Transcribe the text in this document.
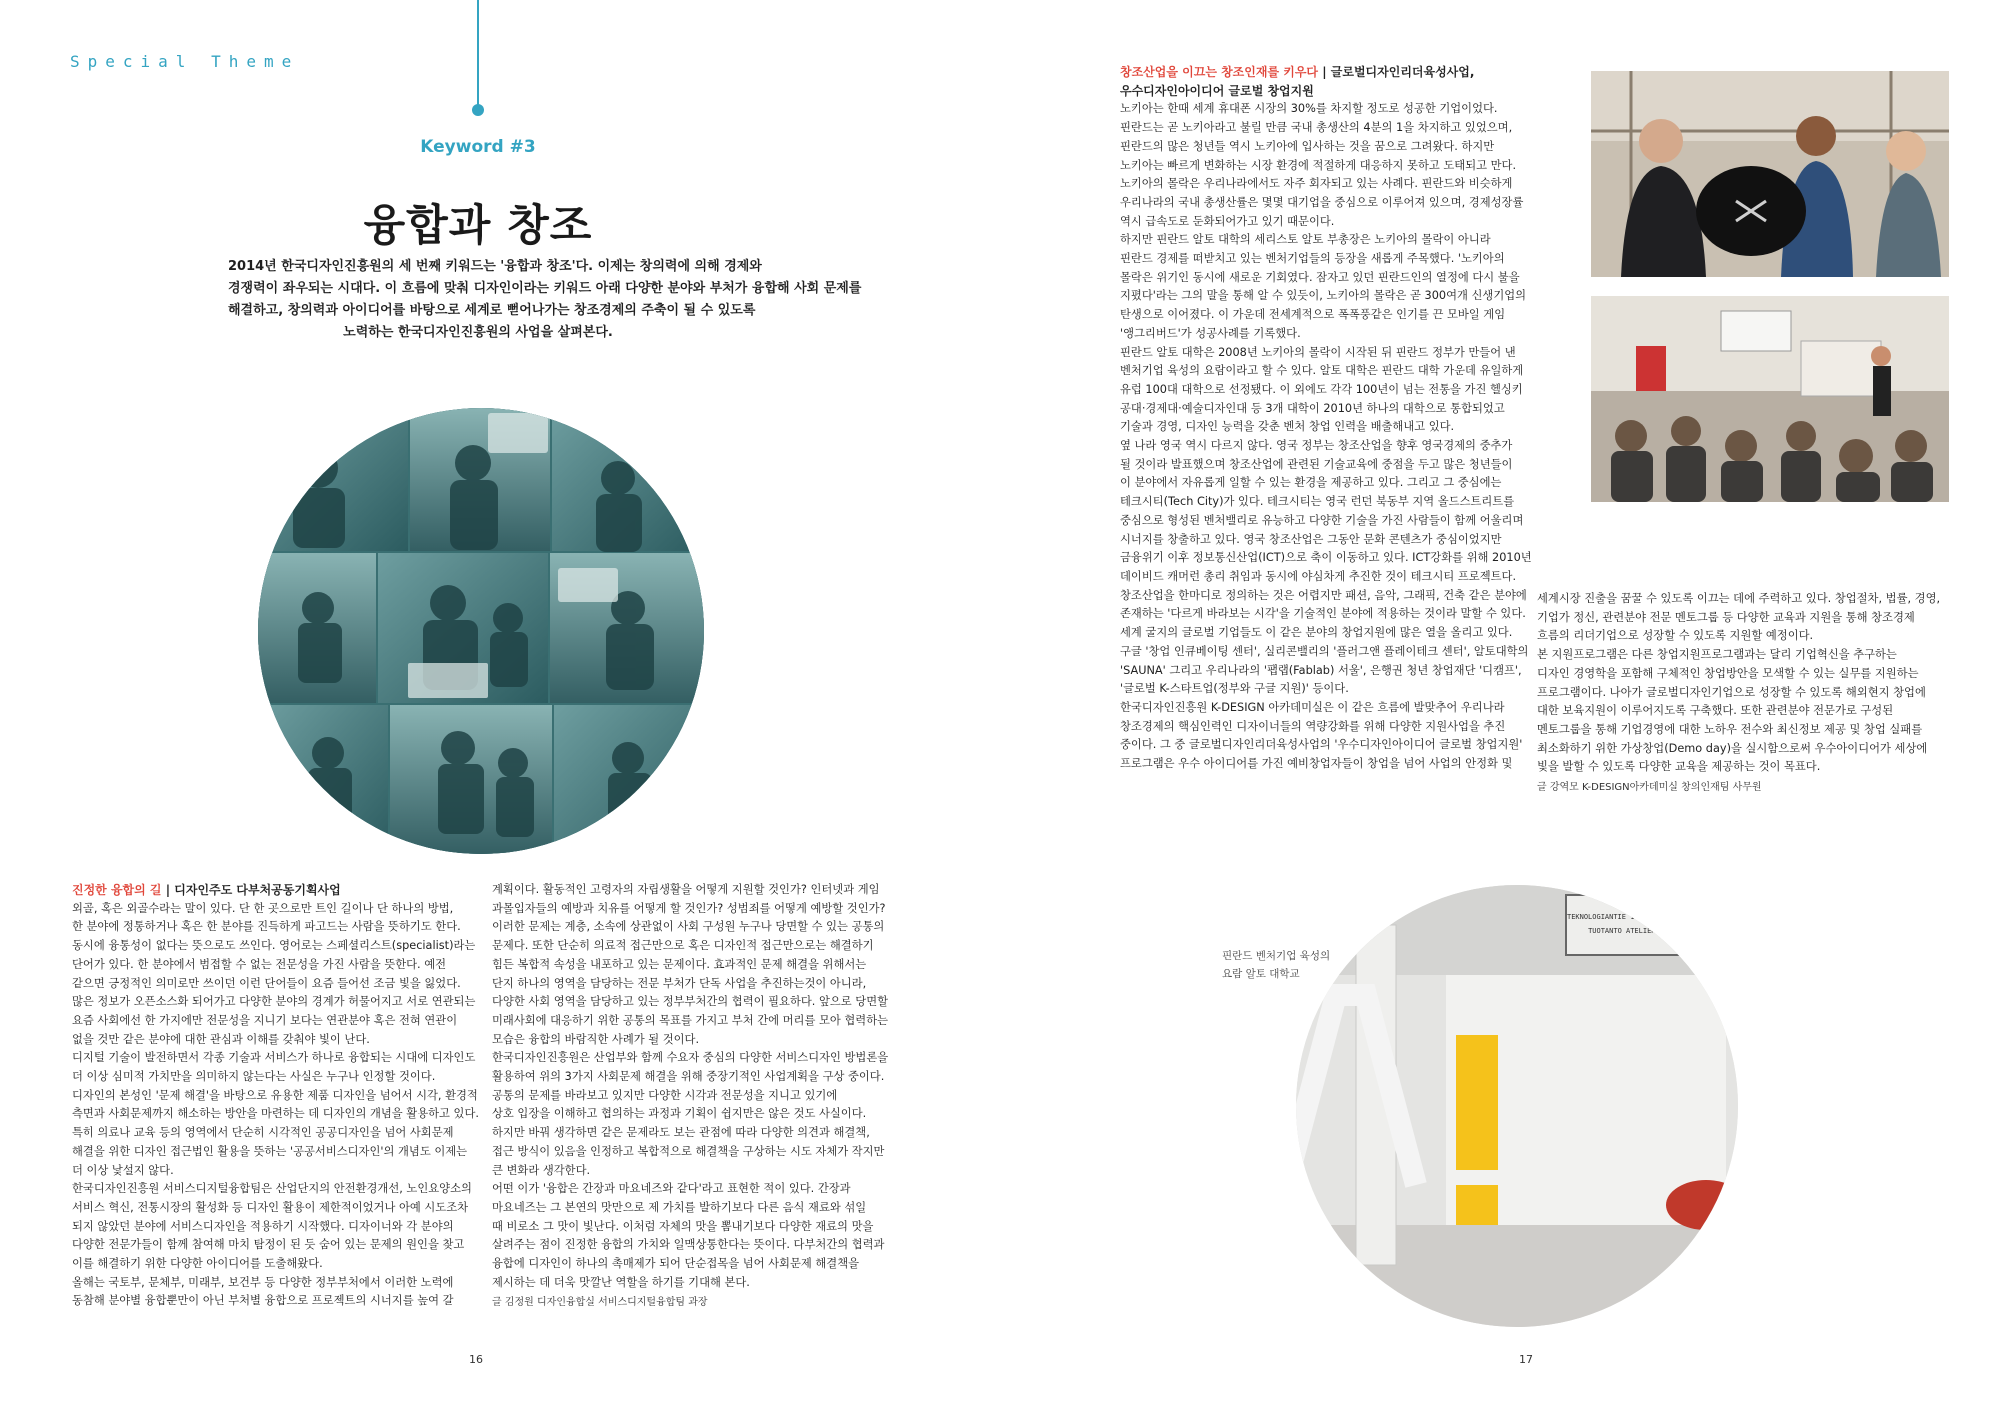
Special Theme
Keyword #3
융합과 창조
2014년 한국디자인진흥원의 세 번째 키워드는 '융합과 창조'다. 이제는 창의력에 의해 경제와
경쟁력이 좌우되는 시대다. 이 흐름에 맞춰 디자인이라는 키워드 아래 다양한 분야와 부처가 융합해 사회 문제를
해결하고, 창의력과 아이디어를 바탕으로 세계로 뻗어나가는 창조경제의 주축이 될 수 있도록
노력하는 한국디자인진흥원의 사업을 살펴본다.
진정한 융합의 길 | 디자인주도 다부처공동기획사업
외골, 혹은 외골수라는 말이 있다. 단 한 곳으로만 트인 길이나 단 하나의 방법,
한 분야에 정통하거나 혹은 한 분야를 진득하게 파고드는 사람을 뜻하기도 한다.
동시에 융통성이 없다는 뜻으로도 쓰인다. 영어로는 스페셜리스트(specialist)라는
단어가 있다. 한 분야에서 범접할 수 없는 전문성을 가진 사람을 뜻한다. 예전
같으면 긍정적인 의미로만 쓰이던 이런 단어들이 요즘 들어선 조금 빛을 잃었다.
많은 정보가 오픈소스화 되어가고 다양한 분야의 경계가 허물어지고 서로 연관되는
요즘 사회에선 한 가지에만 전문성을 지니기 보다는 연관분야 혹은 전혀 연관이
없을 것만 같은 분야에 대한 관심과 이해를 갖춰야 빛이 난다.
디지털 기술이 발전하면서 각종 기술과 서비스가 하나로 융합되는 시대에 디자인도
더 이상 심미적 가치만을 의미하지 않는다는 사실은 누구나 인정할 것이다.
디자인의 본성인 '문제 해결'을 바탕으로 유용한 제품 디자인을 넘어서 시각, 환경적
측면과 사회문제까지 해소하는 방안을 마련하는 데 디자인의 개념을 활용하고 있다.
특히 의료나 교육 등의 영역에서 단순히 시각적인 공공디자인을 넘어 사회문제
해결을 위한 디자인 접근법인 활용을 뜻하는 '공공서비스디자인'의 개념도 이제는
더 이상 낯설지 않다.
한국디자인진흥원 서비스디지털융합팀은 산업단지의 안전환경개선, 노인요양소의
서비스 혁신, 전통시장의 활성화 등 디자인 활용이 제한적이었거나 아예 시도조차
되지 않았던 분야에 서비스디자인을 적용하기 시작했다. 디자이너와 각 분야의
다양한 전문가들이 함께 참여해 마치 탐정이 된 듯 숨어 있는 문제의 원인을 찾고
이를 해결하기 위한 다양한 아이디어를 도출해왔다.
올해는 국토부, 문체부, 미래부, 보건부 등 다양한 정부부처에서 이러한 노력에
동참해 분야별 융합뿐만이 아닌 부처별 융합으로 프로젝트의 시너지를 높여 갈
계획이다. 활동적인 고령자의 자립생활을 어떻게 지원할 것인가? 인터넷과 게임
과몰입자들의 예방과 치유를 어떻게 할 것인가? 성범죄를 어떻게 예방할 것인가?
이러한 문제는 계층, 소속에 상관없이 사회 구성원 누구나 당면할 수 있는 공통의
문제다. 또한 단순히 의료적 접근만으로 혹은 디자인적 접근만으로는 해결하기
힘든 복합적 속성을 내포하고 있는 문제이다. 효과적인 문제 해결을 위해서는
단지 하나의 영역을 담당하는 전문 부처가 단독 사업을 추진하는것이 아니라,
다양한 사회 영역을 담당하고 있는 정부부처간의 협력이 필요하다. 앞으로 당면할
미래사회에 대응하기 위한 공통의 목표를 가지고 부처 간에 머리를 모아 협력하는
모습은 융합의 바람직한 사례가 될 것이다.
한국디자인진흥원은 산업부와 함께 수요자 중심의 다양한 서비스디자인 방법론을
활용하여 위의 3가지 사회문제 해결을 위해 중장기적인 사업계획을 구상 중이다.
공통의 문제를 바라보고 있지만 다양한 시각과 전문성을 지니고 있기에
상호 입장을 이해하고 협의하는 과정과 기획이 쉽지만은 않은 것도 사실이다.
하지만 바꿔 생각하면 같은 문제라도 보는 관점에 따라 다양한 의견과 해결책,
접근 방식이 있음을 인정하고 복합적으로 해결책을 구상하는 시도 자체가 작지만
큰 변화라 생각한다.
어떤 이가 '융합은 간장과 마요네즈와 같다'라고 표현한 적이 있다. 간장과
마요네즈는 그 본연의 맛만으로 제 가치를 발하기보다 다른 음식 재료와 섞일
때 비로소 그 맛이 빛난다. 이처럼 자체의 맛을 뽐내기보다 다양한 재료의 맛을
살려주는 점이 진정한 융합의 가치와 일맥상통한다는 뜻이다. 다부처간의 협력과
융합에 디자인이 하나의 촉매제가 되어 단순접목을 넘어 사회문제 해결책을
제시하는 데 더욱 맛깔난 역할을 하기를 기대해 본다.
글 김정원 디자인융합실 서비스디지털융합팀 과장
창조산업을 이끄는 창조인재를 키우다 | 글로벌디자인리더육성사업,
우수디자인아이디어 글로벌 창업지원
노키아는 한때 세계 휴대폰 시장의 30%를 차지할 정도로 성공한 기업이었다.
핀란드는 곧 노키아라고 불릴 만큼 국내 총생산의 4분의 1을 차지하고 있었으며,
핀란드의 많은 청년들 역시 노키아에 입사하는 것을 꿈으로 그려왔다. 하지만
노키아는 빠르게 변화하는 시장 환경에 적절하게 대응하지 못하고 도태되고 만다.
노키아의 몰락은 우리나라에서도 자주 회자되고 있는 사례다. 핀란드와 비슷하게
우리나라의 국내 총생산률은 몇몇 대기업을 중심으로 이루어져 있으며, 경제성장률
역시 급속도로 둔화되어가고 있기 때문이다.
하지만 핀란드 알토 대학의 세리스토 알토 부총장은 노키아의 몰락이 아니라
핀란드 경제를 떠받치고 있는 벤처기업들의 등장을 새롭게 주목했다. '노키아의
몰락은 위기인 동시에 새로운 기회였다. 잠자고 있던 핀란드인의 열정에 다시 불을
지폈다'라는 그의 말을 통해 알 수 있듯이, 노키아의 몰락은 곧 300여개 신생기업의
탄생으로 이어졌다. 이 가운데 전세계적으로 폭폭풍같은 인기를 끈 모바일 게임
'앵그리버드'가 성공사례를 기록했다.
핀란드 알토 대학은 2008년 노키아의 몰락이 시작된 뒤 핀란드 정부가 만들어 낸
벤처기업 육성의 요람이라고 할 수 있다. 알토 대학은 핀란드 대학 가운데 유일하게
유럽 100대 대학으로 선정됐다. 이 외에도 각각 100년이 넘는 전통을 가진 헬싱키
공대·경제대·예술디자인대 등 3개 대학이 2010년 하나의 대학으로 통합되었고
기술과 경영, 디자인 능력을 갖춘 벤처 창업 인력을 배출해내고 있다.
옆 나라 영국 역시 다르지 않다. 영국 정부는 창조산업을 향후 영국경제의 중추가
될 것이라 발표했으며 창조산업에 관련된 기술교육에 중점을 두고 많은 청년들이
이 분야에서 자유롭게 일할 수 있는 환경을 제공하고 있다. 그리고 그 중심에는
테크시티(Tech City)가 있다. 테크시티는 영국 런던 북동부 지역 올드스트리트를
중심으로 형성된 벤처밸리로 유능하고 다양한 기술을 가진 사람들이 함께 어울리며
시너지를 창출하고 있다. 영국 창조산업은 그동안 문화 콘텐츠가 중심이었지만
금융위기 이후 정보통신산업(ICT)으로 축이 이동하고 있다. ICT강화를 위해 2010년
데이비드 캐머런 총리 취임과 동시에 야심차게 추진한 것이 테크시티 프로젝트다.
창조산업을 한마디로 정의하는 것은 어렵지만 패션, 음악, 그래픽, 건축 같은 분야에
존재하는 '다르게 바라보는 시각'을 기술적인 분야에 적용하는 것이라 말할 수 있다.
세계 굴지의 글로벌 기업들도 이 같은 분야의 창업지원에 많은 열을 올리고 있다.
구글 '창업 인큐베이팅 센터', 실리콘밸리의 '플러그앤 플레이테크 센터', 알토대학의
'SAUNA' 그리고 우리나라의 '팹랩(Fablab) 서울', 은행권 청년 창업재단 '디캠프',
'글로벌 K-스타트업(정부와 구글 지원)' 등이다.
한국디자인진흥원 K-DESIGN 아카데미실은 이 같은 흐름에 발맞추어 우리나라
창조경제의 핵심인력인 디자이너들의 역량강화를 위해 다양한 지원사업을 추진
중이다. 그 중 글로벌디자인리더육성사업의 '우수디자인아이디어 글로벌 창업지원'
프로그램은 우수 아이디어를 가진 예비창업자들이 창업을 넘어 사업의 안정화 및
세계시장 진출을 꿈꿀 수 있도록 이끄는 데에 주력하고 있다. 창업절차, 법률, 경영,
기업가 정신, 관련분야 전문 멘토그룹 등 다양한 교육과 지원을 통해 창조경제
흐름의 리더기업으로 성장할 수 있도록 지원할 예정이다.
본 지원프로그램은 다른 창업지원프로그램과는 달리 기업혁신을 추구하는
디자인 경영학을 포함해 구체적인 창업방안을 모색할 수 있는 실무를 지원하는
프로그램이다. 나아가 글로벌디자인기업으로 성장할 수 있도록 해외현지 창업에
대한 보육지원이 이루어지도록 구축했다. 또한 관련분야 전문가로 구성된
멘토그룹을 통해 기업경영에 대한 노하우 전수와 최신정보 제공 및 창업 실패를
최소화하기 위한 가상창업(Demo day)을 실시함으로써 우수아이디어가 세상에
빛을 발할 수 있도록 다양한 교육을 제공하는 것이 목표다.
글 강역모 K-DESIGN아카데미실 창의인재팀 사무원
핀란드 벤처기업 육성의
요람 알토 대학교
TEKNOLOGIANTIE 11 MATERIAALI
TUOTANTO ATELIER 3
16	17
